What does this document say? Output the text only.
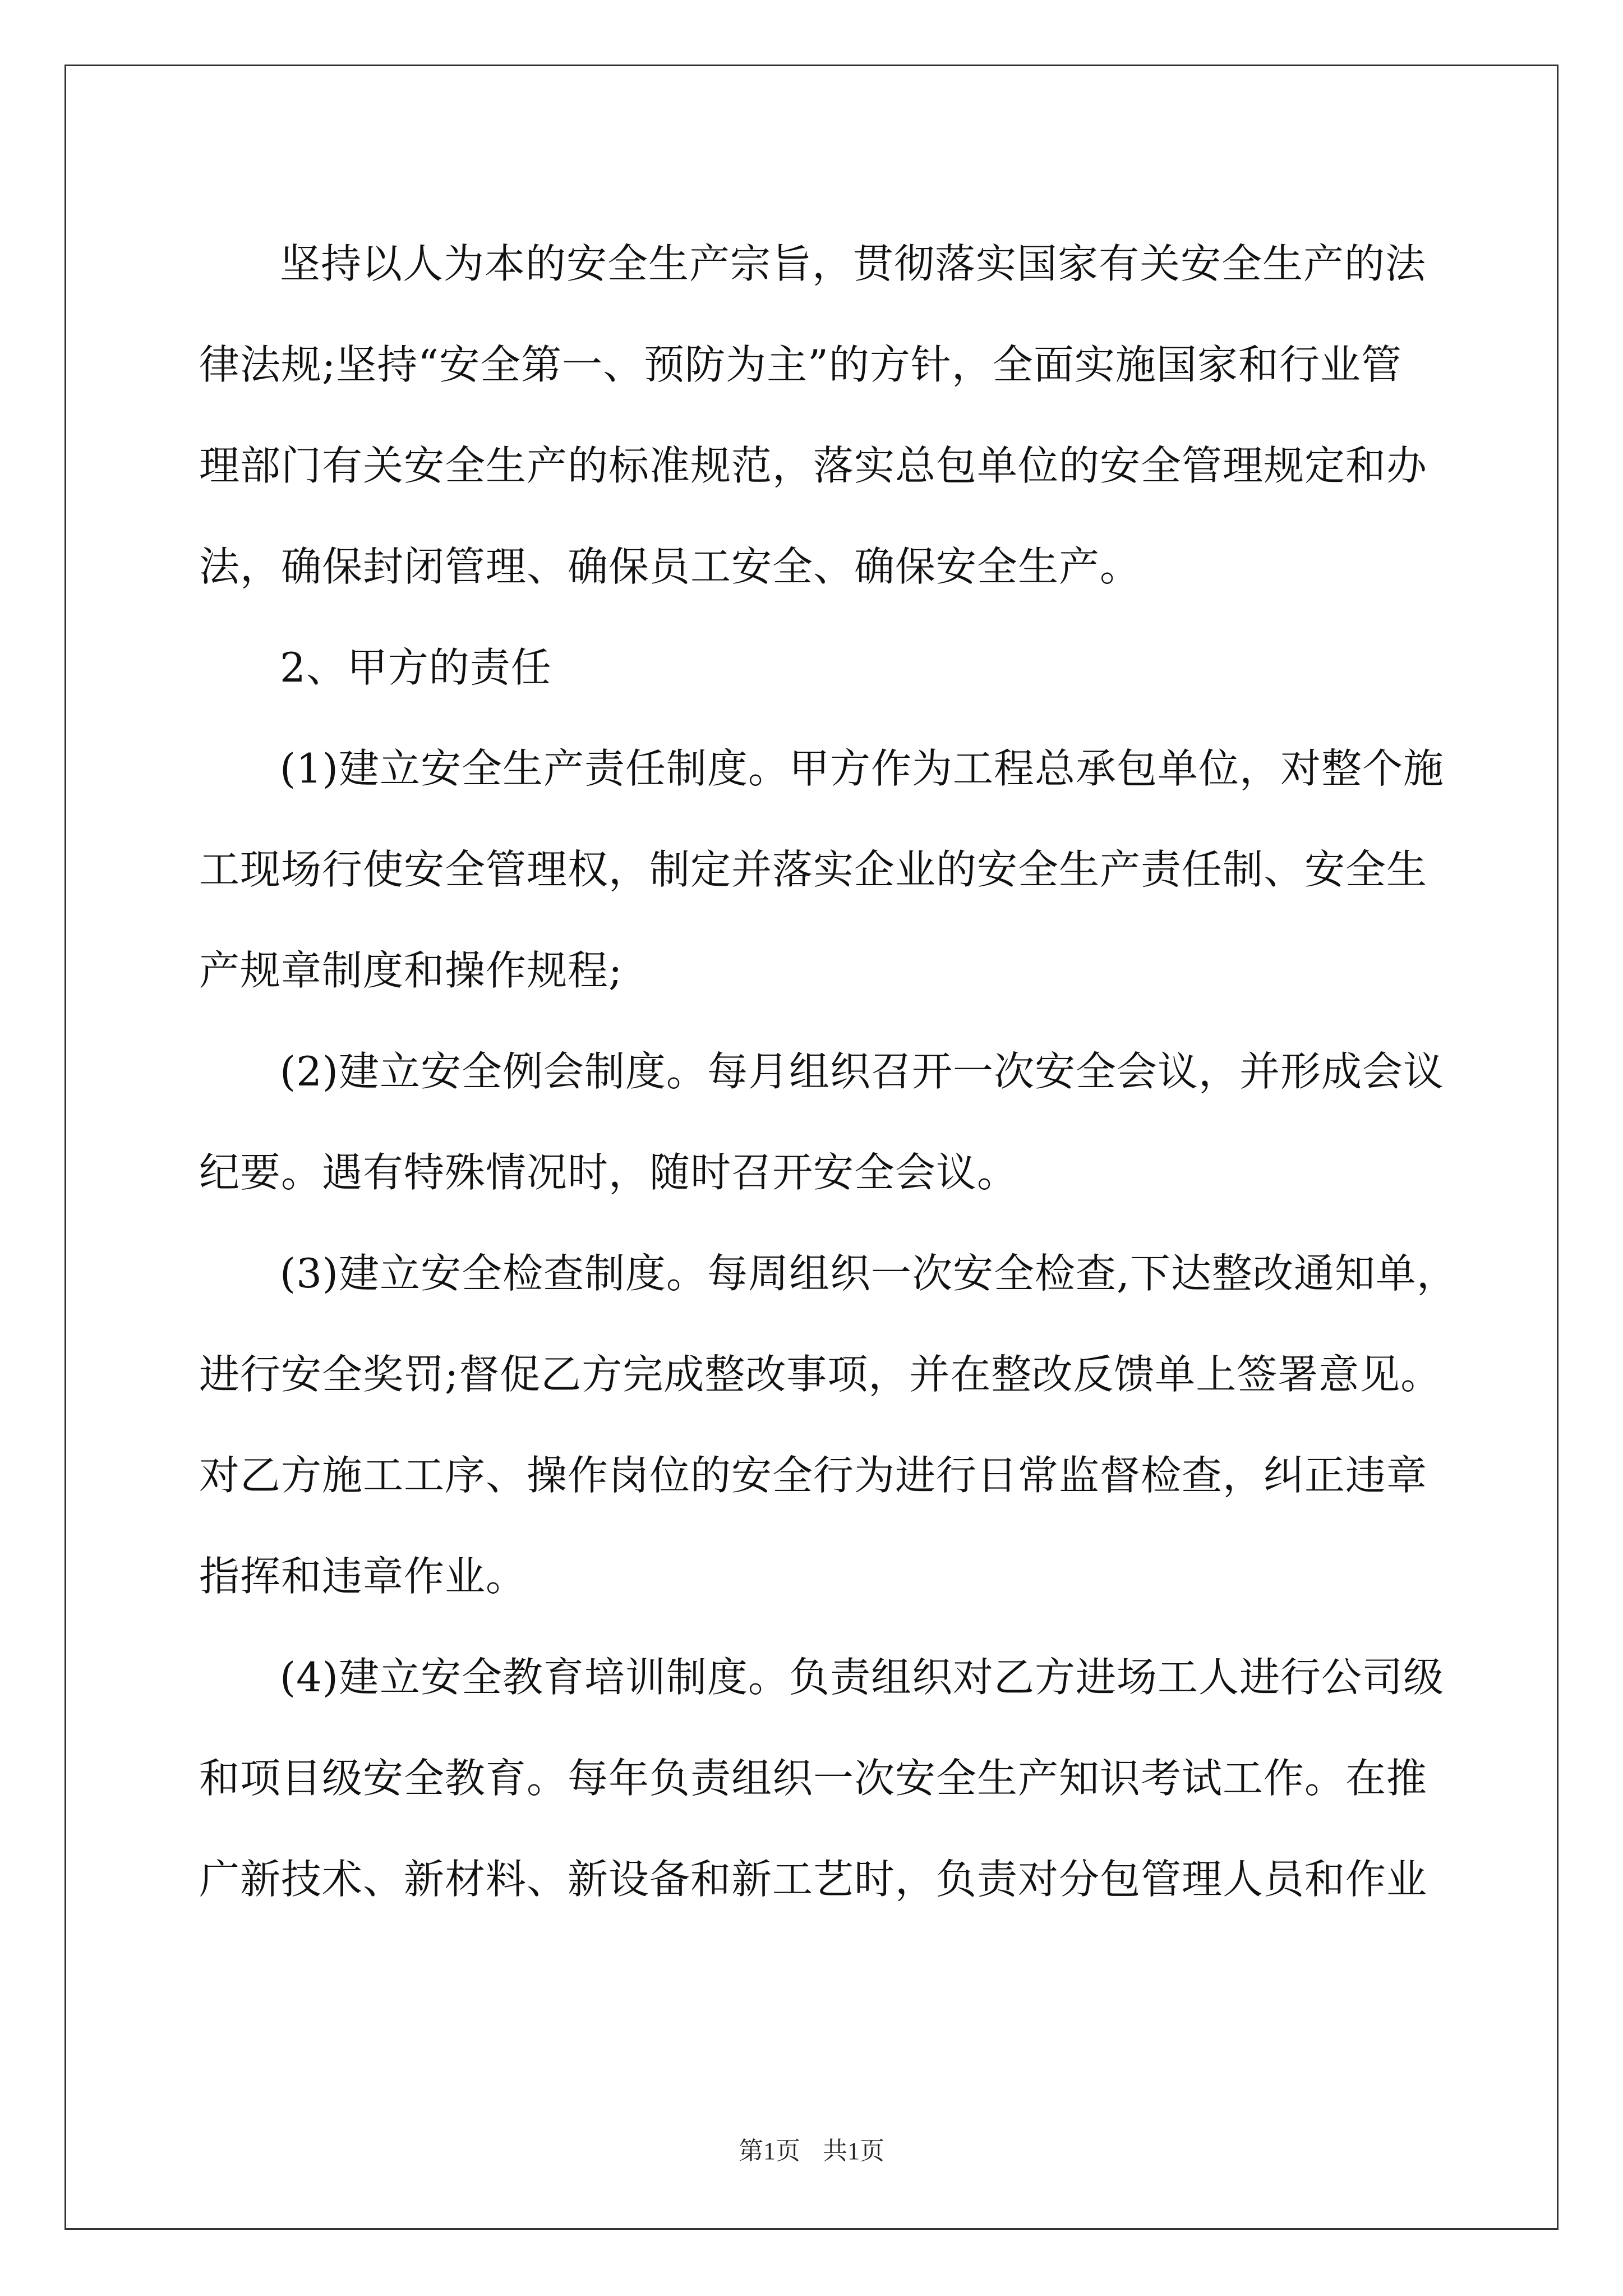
坚持以人为本的安全生产宗旨，贯彻落实国家有关安全生产的法
律法规;坚持“安全第一、预防为主”的方针，全面实施国家和行业管
理部门有关安全生产的标准规范，落实总包单位的安全管理规定和办
法，确保封闭管理、确保员工安全、确保安全生产。
2、甲方的责任
(1)建立安全生产责任制度。甲方作为工程总承包单位，对整个施
工现场行使安全管理权，制定并落实企业的安全生产责任制、安全生
产规章制度和操作规程;
(2)建立安全例会制度。每月组织召开一次安全会议，并形成会议
纪要。遇有特殊情况时，随时召开安全会议。
(3)建立安全检查制度。每周组织一次安全检查,下达整改通知单，
进行安全奖罚;督促乙方完成整改事项，并在整改反馈单上签署意见。
对乙方施工工序、操作岗位的安全行为进行日常监督检查，纠正违章
指挥和违章作业。
(4)建立安全教育培训制度。负责组织对乙方进场工人进行公司级
和项目级安全教育。每年负责组织一次安全生产知识考试工作。在推
广新技术、新材料、新设备和新工艺时，负责对分包管理人员和作业
第1页 共1页
